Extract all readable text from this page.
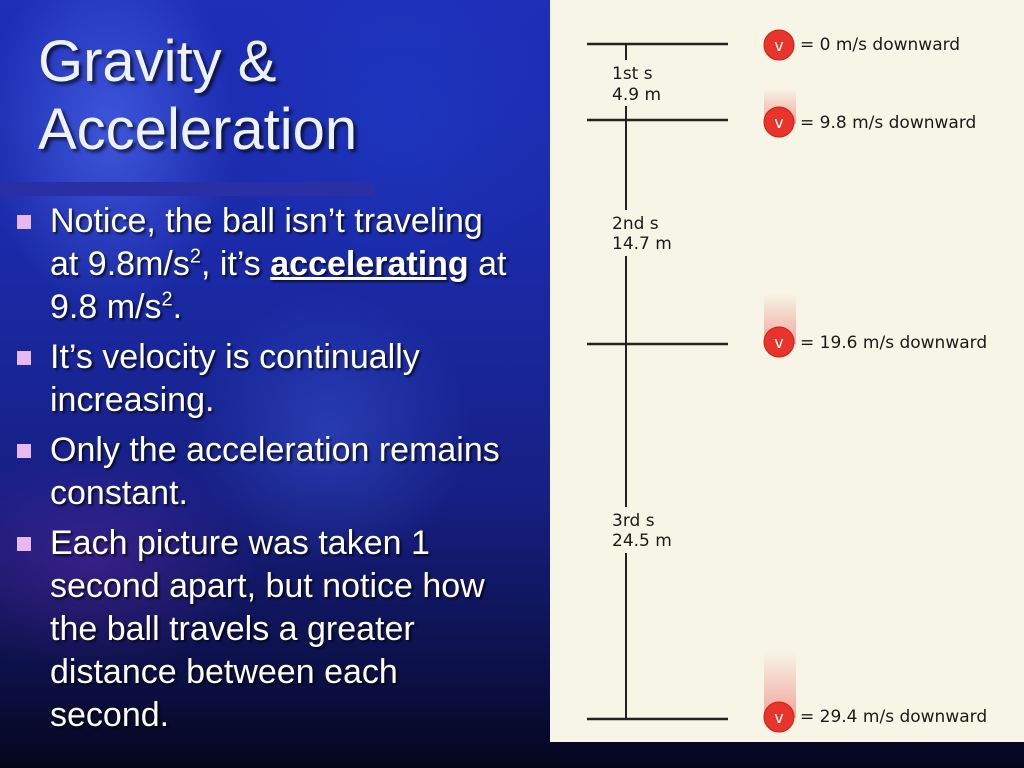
Gravity &
Acceleration
Notice, the ball isn’t traveling at $9.8m/s^2$, it’s accelerating at 9.8 $m/s^2$.
It’s velocity is continually increasing.
Only the acceleration remains constant.
Each picture was taken 1 second apart, but notice how the ball travels a greater distance between each second.
1st s
4.9 m
2nd s
14.7 m
3rd s
24.5 m
v
v
v
v
= 0 m/s downward
= 9.8 m/s downward
= 19.6 m/s downward
= 29.4 m/s downward
